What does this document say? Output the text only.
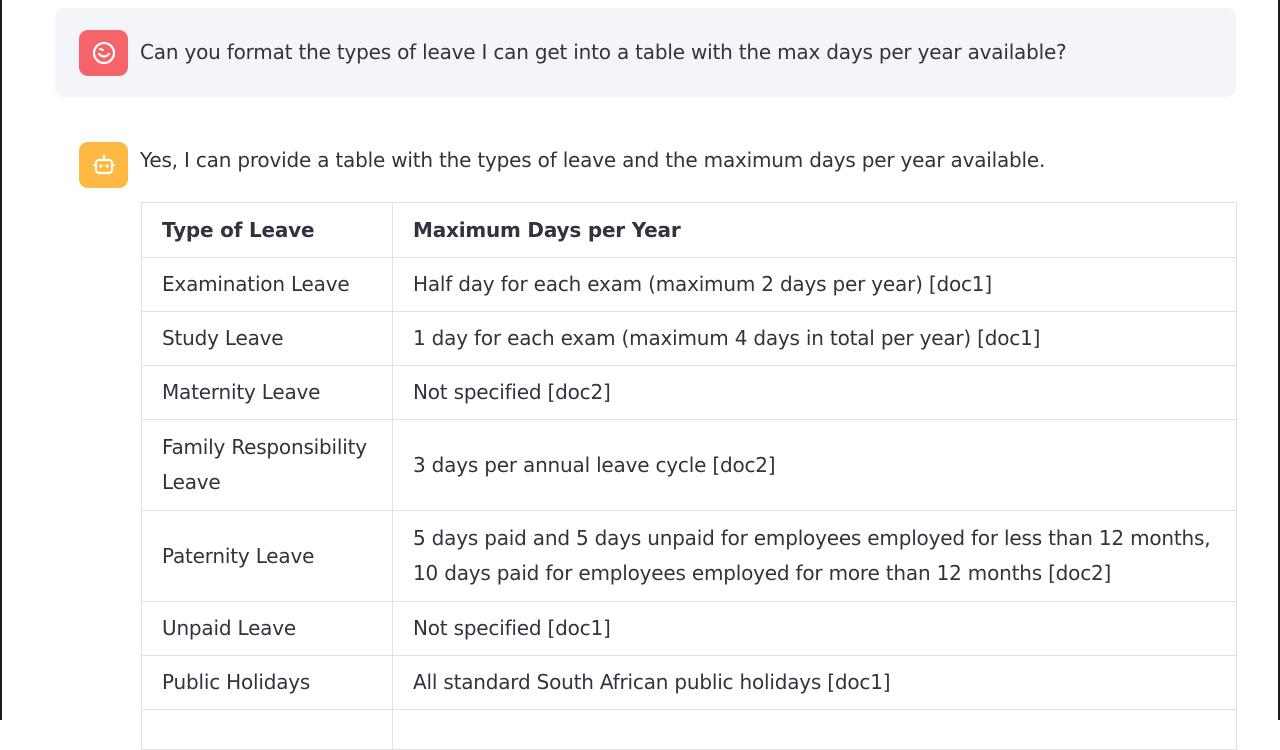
Can you format the types of leave I can get into a table with the max days per year available?
Yes, I can provide a table with the types of leave and the maximum days per year available.
Type of Leave	Maximum Days per Year
Examination Leave	Half day for each exam (maximum 2 days per year) [doc1]
Study Leave	1 day for each exam (maximum 4 days in total per year) [doc1]
Maternity Leave	Not specified [doc2]
Family Responsibility Leave	3 days per annual leave cycle [doc2]
Paternity Leave	5 days paid and 5 days unpaid for employees employed for less than 12 months, 10 days paid for employees employed for more than 12 months [doc2]
Unpaid Leave	Not specified [doc1]
Public Holidays	All standard South African public holidays [doc1]
